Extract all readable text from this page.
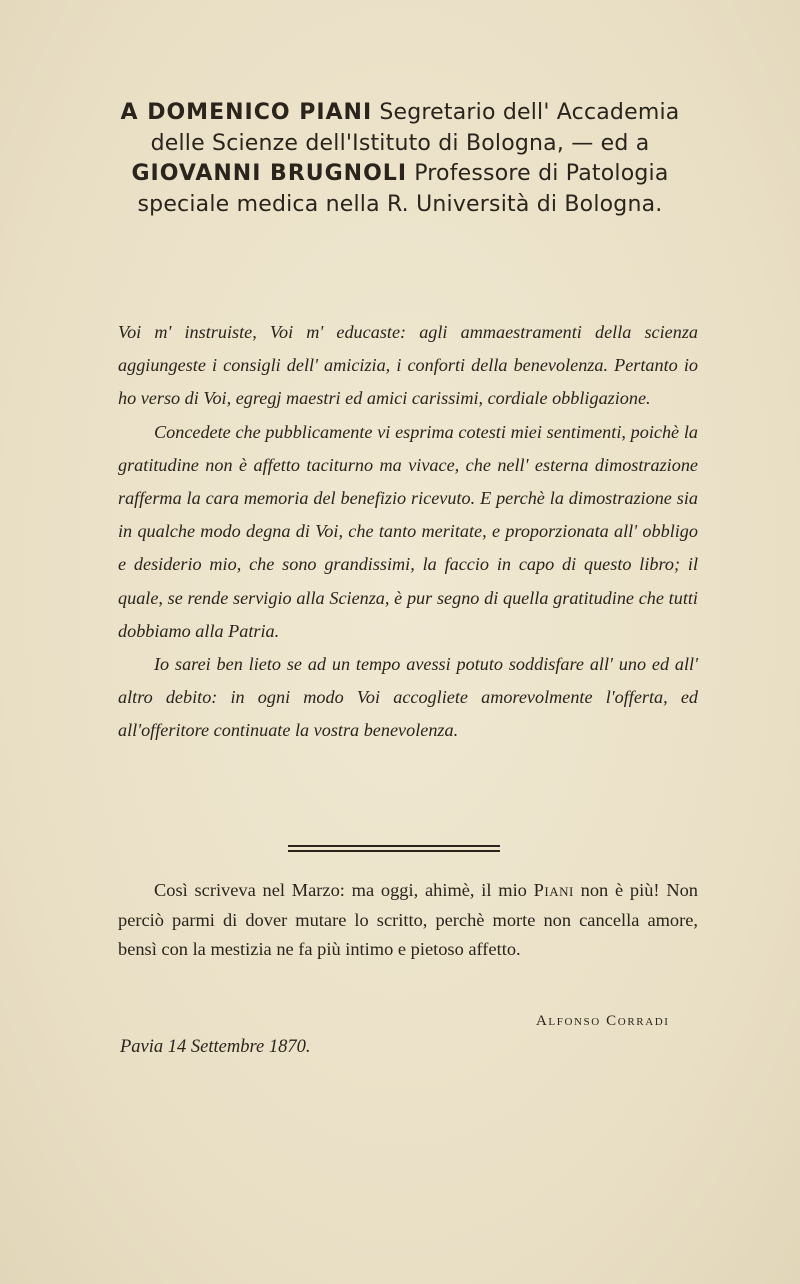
A DOMENICO PIANI Segretario dell' Accademia
delle Scienze dell'Istituto di Bologna, — ed a
GIOVANNI BRUGNOLI Professore di Patologia
speciale medica nella R. Università di Bologna.

Voi m' instruiste, Voi m' educaste: agli ammaestramenti della scienza aggiungeste i consigli dell' amicizia, i conforti della benevolenza. Pertanto io ho verso di Voi, egregj maestri ed amici carissimi, cordiale obbligazione.

Concedete che pubblicamente vi esprima cotesti miei sentimenti, poichè la gratitudine non è affetto taciturno ma vivace, che nell' esterna dimostrazione rafferma la cara memoria del benefizio ricevuto. E perchè la dimostrazione sia in qualche modo degna di Voi, che tanto meritate, e proporzionata all' obbligo e desiderio mio, che sono grandissimi, la faccio in capo di questo libro; il quale, se rende servigio alla Scienza, è pur segno di quella gratitudine che tutti dobbiamo alla Patria.

Io sarei ben lieto se ad un tempo avessi potuto soddisfare all' uno ed all' altro debito: in ogni modo Voi accogliete amorevolmente l'offerta, ed all'offeritore continuate la vostra benevolenza.

Così scriveva nel Marzo: ma oggi, ahimè, il mio Piani non è più! Non perciò parmi di dover mutare lo scritto, perchè morte non cancella amore, bensì con la mestizia ne fa più intimo e pietoso affetto.
Alfonso Corradi
Pavia 14 Settembre 1870.
